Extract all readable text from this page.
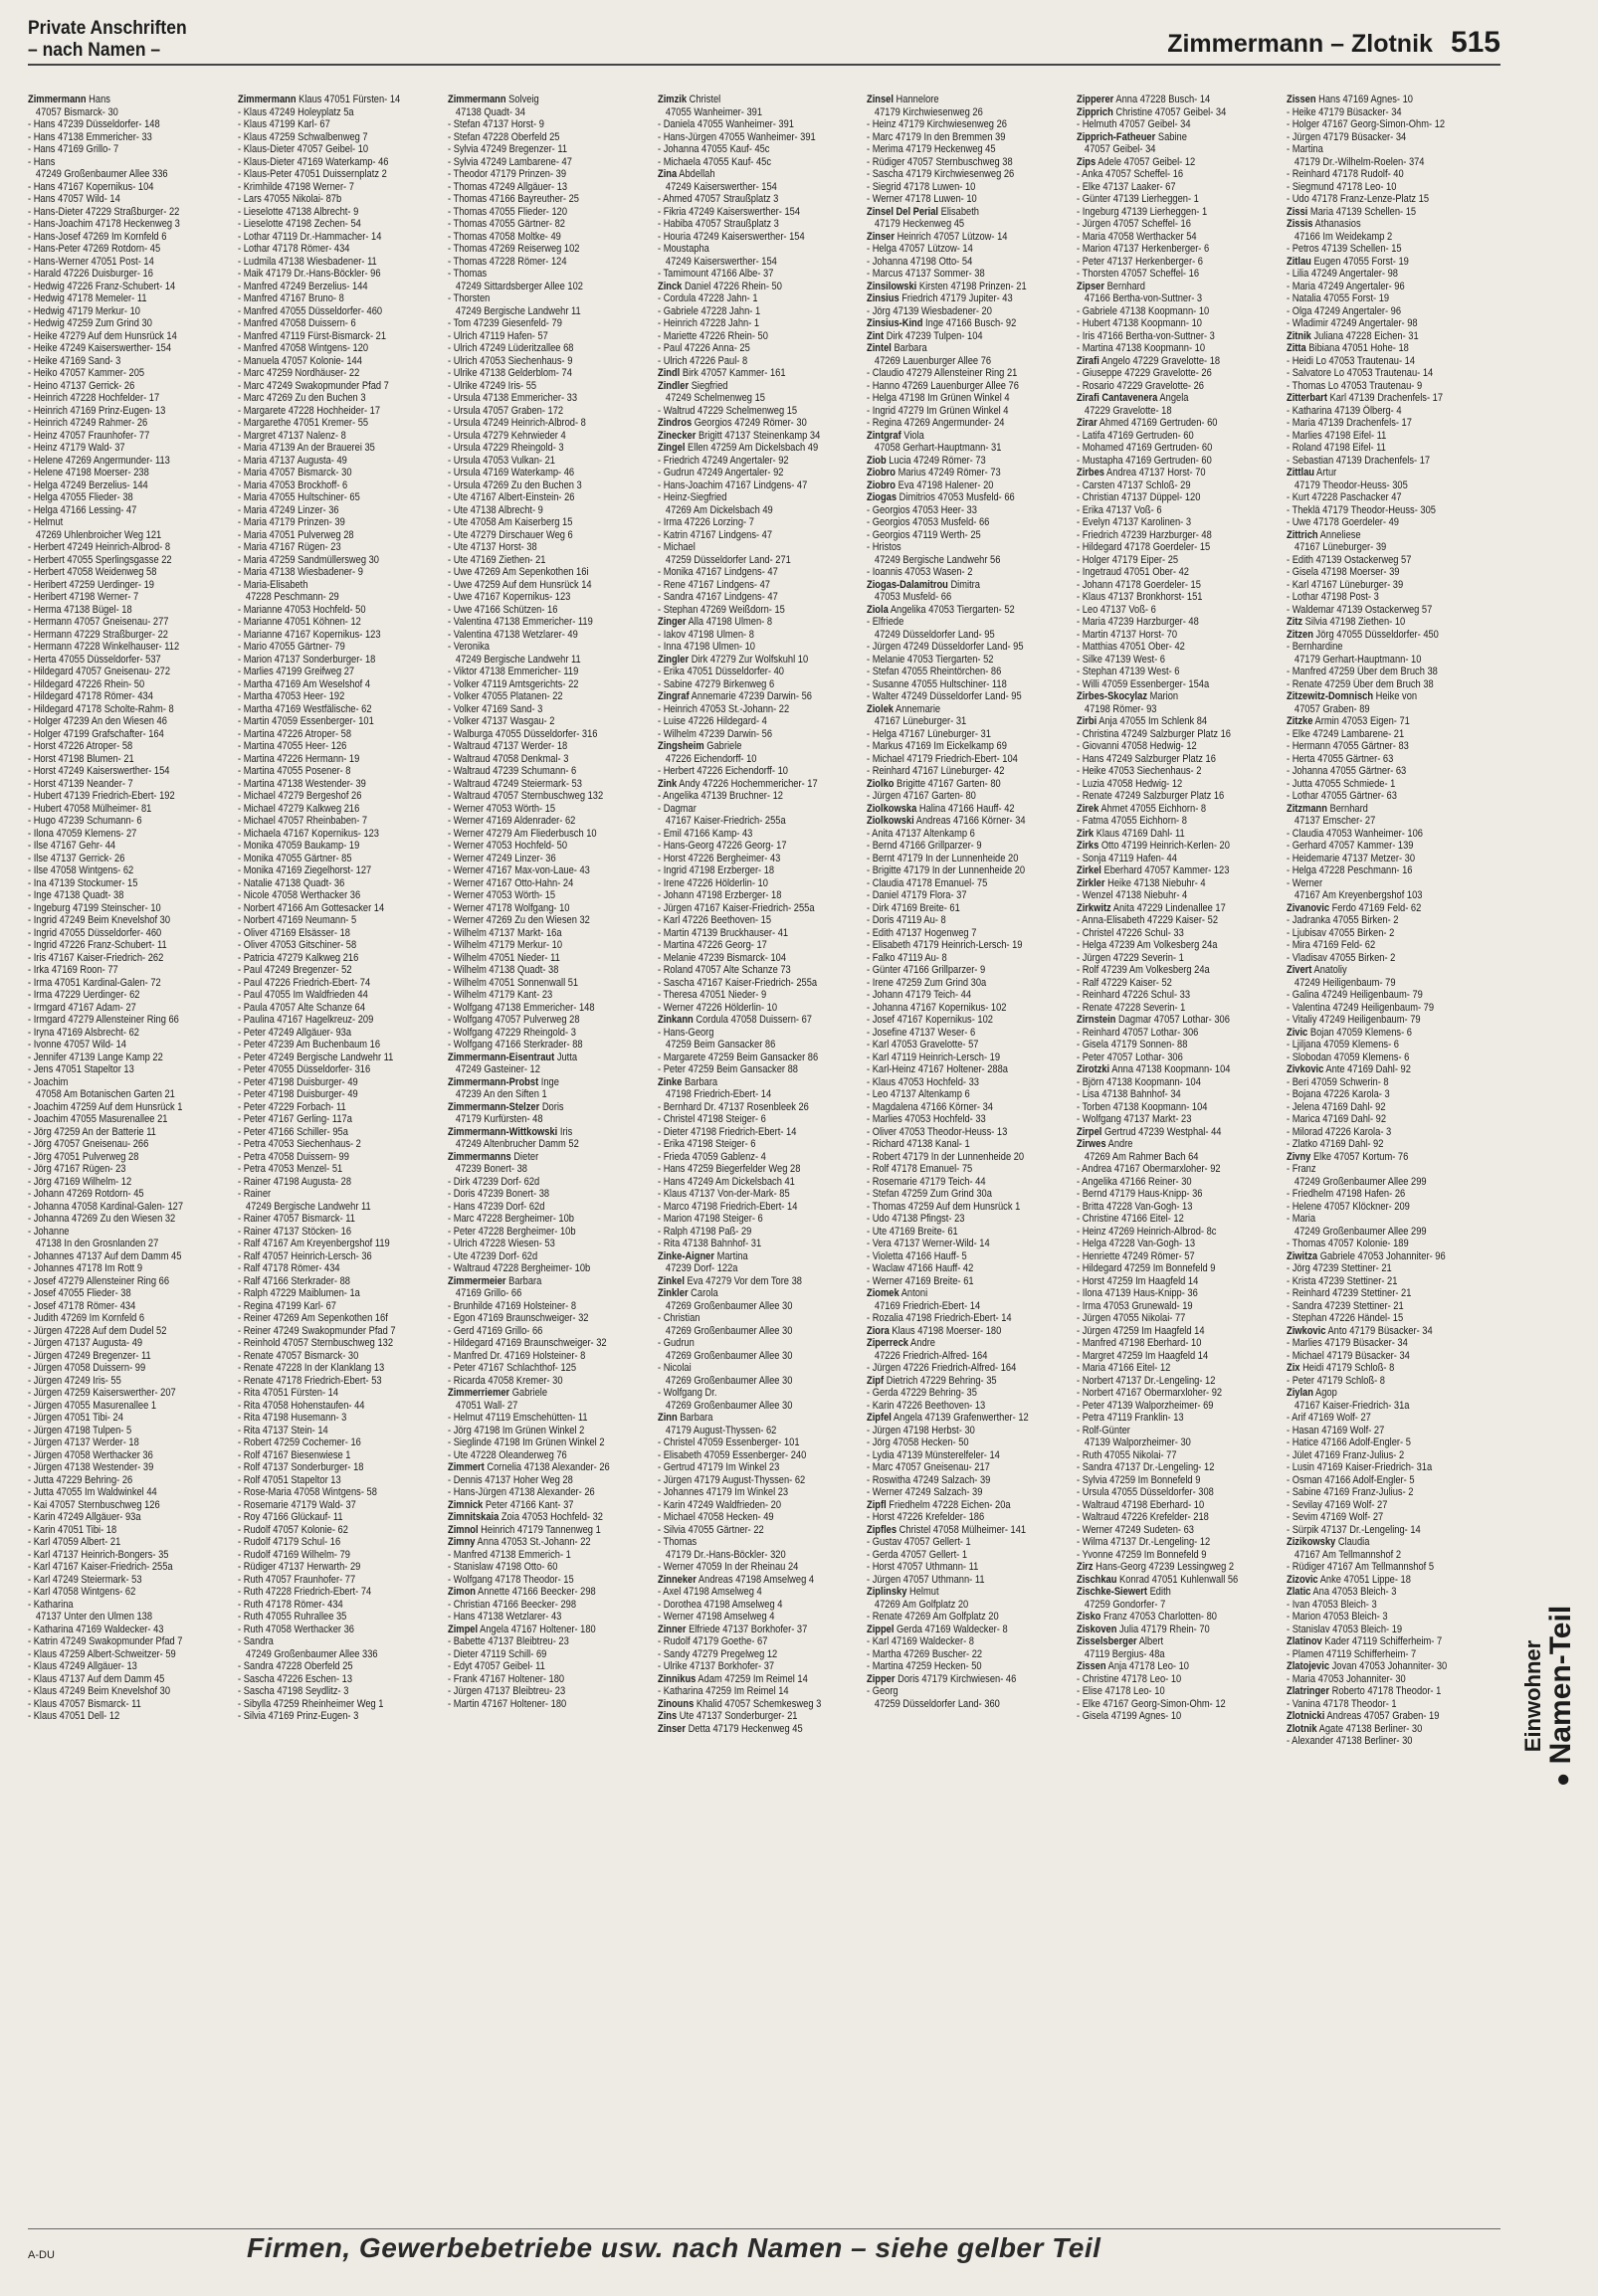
Private Anschriften
– nach Namen –	Zimmermann – Zlotnik 515
Zimmermann Hans
47057 Bismarck- 30
- Hans 47239 Düsseldorfer- 148
- Hans 47138 Emmericher- 33
- Hans 47169 Grillo- 7
- Hans
47249 Großenbaumer Allee 336
- Hans 47167 Kopernikus- 104
- Hans 47057 Wild- 14
- Hans-Dieter 47229 Straßburger- 22
- Hans-Joachim 47178 Heckenweg 3
- Hans-Josef 47269 Im Kornfeld 6
- Hans-Peter 47269 Rotdorn- 45
- Hans-Werner 47051 Post- 14
- Harald 47226 Duisburger- 16
- Hedwig 47226 Franz-Schubert- 14
- Hedwig 47178 Memeler- 11
- Hedwig 47179 Merkur- 10
- Hedwig 47259 Zum Grind 30
- Heike 47279 Auf dem Hunsrück 14
- Heike 47249 Kaiserswerther- 154
- Heike 47169 Sand- 3
- Heiko 47057 Kammer- 205
- Heino 47137 Gerrick- 26
- Heinrich 47228 Hochfelder- 17
- Heinrich 47169 Prinz-Eugen- 13
- Heinrich 47249 Rahmer- 26
- Heinz 47057 Fraunhofer- 77
- Heinz 47179 Wald- 37
- Helene 47269 Angermunder- 113
- Helene 47198 Moerser- 238
- Helga 47249 Berzelius- 144
- Helga 47055 Flieder- 38
- Helga 47166 Lessing- 47
- Helmut
47269 Uhlenbroicher Weg 121
- Herbert 47249 Heinrich-Albrod- 8
- Herbert 47055 Sperlingsgasse 22
- Herbert 47058 Weidenweg 58
- Heribert 47259 Uerdinger- 19
- Heribert 47198 Werner- 7
- Herma 47138 Bügel- 18
- Hermann 47057 Gneisenau- 277
- Hermann 47229 Straßburger- 22
- Hermann 47228 Winkelhauser- 112
- Herta 47055 Düsseldorfer- 537
- Hildegard 47057 Gneisenau- 272
- Hildegard 47226 Rhein- 50
- Hildegard 47178 Römer- 434
- Hildegard 47178 Scholte-Rahm- 8
- Holger 47239 An den Wiesen 46
- Holger 47199 Grafschafter- 164
- Horst 47226 Atroper- 58
- Horst 47198 Blumen- 21
- Horst 47249 Kaiserswerther- 154
- Horst 47139 Neander- 7
- Hubert 47139 Friedrich-Ebert- 192
- Hubert 47058 Mülheimer- 81
- Hugo 47239 Schumann- 6
- Ilona 47059 Klemens- 27
- Ilse 47167 Gehr- 44
- Ilse 47137 Gerrick- 26
- Ilse 47058 Wintgens- 62
- Ina 47139 Stockumer- 15
- Inge 47138 Quadt- 38
- Ingeburg 47199 Steinscher- 10
- Ingrid 47249 Beim Knevelshof 30
- Ingrid 47055 Düsseldorfer- 460
- Ingrid 47226 Franz-Schubert- 11
- Iris 47167 Kaiser-Friedrich- 262
- Irka 47169 Roon- 77
- Irma 47051 Kardinal-Galen- 72
- Irma 47229 Uerdinger- 62
- Irmgard 47167 Adam- 27
- Irmgard 47279 Allensteiner Ring 66
- Iryna 47169 Alsbrecht- 62
- Ivonne 47057 Wild- 14
- Jennifer 47139 Lange Kamp 22
- Jens 47051 Stapeltor 13
- Joachim
47058 Am Botanischen Garten 21
- Joachim 47259 Auf dem Hunsrück 1
- Joachim 47055 Masurenallee 21
- Jörg 47259 An der Batterie 11
- Jörg 47057 Gneisenau- 266
- Jörg 47051 Pulverweg 28
- Jörg 47167 Rügen- 23
- Jörg 47169 Wilhelm- 12
- Johann 47269 Rotdorn- 45
- Johanna 47058 Kardinal-Galen- 127
- Johanna 47269 Zu den Wiesen 32
- Johanne
47138 In den Grosnlanden 27
- Johannes 47137 Auf dem Damm 45
- Johannes 47178 Im Rott 9
- Josef 47279 Allensteiner Ring 66
- Josef 47055 Flieder- 38
- Josef 47178 Römer- 434
- Judith 47269 Im Kornfeld 6
- Jürgen 47228 Auf dem Dudel 52
- Jürgen 47137 Augusta- 49
- Jürgen 47249 Bregenzer- 11
- Jürgen 47058 Duissern- 99
- Jürgen 47249 Iris- 55
- Jürgen 47259 Kaiserswerther- 207
- Jürgen 47055 Masurenallee 1
- Jürgen 47051 Tibi- 24
- Jürgen 47198 Tulpen- 5
- Jürgen 47137 Werder- 18
- Jürgen 47058 Werthacker 36
- Jürgen 47138 Westender- 39
- Jutta 47229 Behring- 26
- Jutta 47055 Im Waldwinkel 44
- Kai 47057 Sternbuschweg 126
- Karin 47249 Allgäuer- 93a
- Karin 47051 Tibi- 18
- Karl 47059 Albert- 21
- Karl 47137 Heinrich-Bongers- 35
- Karl 47167 Kaiser-Friedrich- 255a
- Karl 47249 Steiermark- 53
- Karl 47058 Wintgens- 62
- Katharina
47137 Unter den Ulmen 138
- Katharina 47169 Waldecker- 43
- Katrin 47249 Swakopmunder Pfad 7
- Klaus 47259 Albert-Schweitzer- 59
- Klaus 47249 Allgäuer- 13
- Klaus 47137 Auf dem Damm 45
- Klaus 47249 Beim Knevelshof 30
- Klaus 47057 Bismarck- 11
- Klaus 47051 Dell- 12
Zimmermann Klaus 47051 Fürsten- 14
- Klaus 47249 Holeyplatz 5a
- Klaus 47199 Karl- 67
- Klaus 47259 Schwalbenweg 7
- Klaus-Dieter 47057 Geibel- 10
- Klaus-Dieter 47169 Waterkamp- 46
- Klaus-Peter 47051 Duissernplatz 2
- Krimhilde 47198 Werner- 7
- Lars 47055 Nikolai- 87b
- Lieselotte 47138 Albrecht- 9
- Lieselotte 47198 Zechen- 54
- Lothar 47119 Dr.-Hammacher- 14
- Lothar 47178 Römer- 434
- Ludmila 47138 Wiesbadener- 11
- Maik 47179 Dr.-Hans-Böckler- 96
- Manfred 47249 Berzelius- 144
- Manfred 47167 Bruno- 8
- Manfred 47055 Düsseldorfer- 460
- Manfred 47058 Duissern- 6
- Manfred 47119 Fürst-Bismarck- 21
- Manfred 47058 Wintgens- 120
- Manuela 47057 Kolonie- 144
- Marc 47259 Nordhäuser- 22
- Marc 47249 Swakopmunder Pfad 7
- Marc 47269 Zu den Buchen 3
- Margarete 47228 Hochheider- 17
- Margarethe 47051 Kremer- 55
- Margret 47137 Nalenz- 8
- Maria 47139 An der Brauerei 35
- Maria 47137 Augusta- 49
- Maria 47057 Bismarck- 30
- Maria 47053 Brockhoff- 6
- Maria 47055 Hultschiner- 65
- Maria 47249 Linzer- 36
- Maria 47179 Prinzen- 39
- Maria 47051 Pulverweg 28
- Maria 47167 Rügen- 23
- Maria 47259 Sandmüllersweg 30
- Maria 47138 Wiesbadener- 9
- Maria-Elisabeth
47228 Peschmann- 29
- Marianne 47053 Hochfeld- 50
- Marianne 47051 Köhnen- 12
- Marianne 47167 Kopernikus- 123
- Mario 47055 Gärtner- 79
- Marion 47137 Sonderburger- 18
- Marlies 47199 Greifweg 27
- Martha 47169 Am Weselshof 4
- Martha 47053 Heer- 192
- Martha 47169 Westfälische- 62
- Martin 47059 Essenberger- 101
- Martina 47226 Atroper- 58
- Martina 47055 Heer- 126
- Martina 47226 Hermann- 19
- Martina 47055 Posener- 8
- Martina 47138 Westender- 39
- Michael 47279 Bergeshof 26
- Michael 47279 Kalkweg 216
- Michael 47057 Rheinbaben- 7
- Michaela 47167 Kopernikus- 123
- Monika 47059 Baukamp- 19
- Monika 47055 Gärtner- 85
- Monika 47169 Ziegelhorst- 127
- Natalie 47138 Quadt- 36
- Nicole 47058 Werthacker 36
- Norbert 47166 Am Gottesacker 14
- Norbert 47169 Neumann- 5
- Oliver 47169 Elsässer- 18
- Oliver 47053 Gitschiner- 58
- Patricia 47279 Kalkweg 216
- Paul 47249 Bregenzer- 52
- Paul 47226 Friedrich-Ebert- 74
- Paul 47055 Im Waldfrieden 44
- Paula 47057 Alte Schanze 64
- Paulina 47167 Hagelkreuz- 209
- Peter 47249 Allgäuer- 93a
- Peter 47239 Am Buchenbaum 16
- Peter 47249 Bergische Landwehr 11
- Peter 47055 Düsseldorfer- 316
- Peter 47198 Duisburger- 49
- Peter 47198 Duisburger- 49
- Peter 47229 Forbach- 11
- Peter 47167 Gerling- 117a
- Peter 47166 Schiller- 95a
- Petra 47053 Siechenhaus- 2
- Petra 47058 Duissern- 99
- Petra 47053 Menzel- 51
- Rainer 47198 Augusta- 28
- Rainer
47249 Bergische Landwehr 11
- Rainer 47057 Bismarck- 11
- Rainer 47137 Stöcken- 16
- Ralf 47167 Am Kreyenbergshof 119
- Ralf 47057 Heinrich-Lersch- 36
- Ralf 47178 Römer- 434
- Ralf 47166 Sterkrader- 88
- Ralph 47229 Maiblumen- 1a
- Regina 47199 Karl- 67
- Reiner 47269 Am Sepenkothen 16f
- Reiner 47249 Swakopmunder Pfad 7
- Reinhold 47057 Sternbuschweg 132
- Renate 47057 Bismarck- 30
- Renate 47228 In der Klanklang 13
- Renate 47178 Friedrich-Ebert- 53
- Rita 47051 Fürsten- 14
- Rita 47058 Hohenstaufen- 44
- Rita 47198 Husemann- 3
- Rita 47137 Stein- 14
- Robert 47259 Cochemer- 16
- Rolf 47167 Biesenwiese 1
- Rolf 47137 Sonderburger- 18
- Rolf 47051 Stapeltor 13
- Rose-Maria 47058 Wintgens- 58
- Rosemarie 47179 Wald- 37
- Roy 47166 Glückauf- 11
- Rudolf 47057 Kolonie- 62
- Rudolf 47179 Schul- 16
- Rudolf 47169 Wilhelm- 79
- Rüdiger 47137 Herwarth- 29
- Ruth 47057 Fraunhofer- 77
- Ruth 47228 Friedrich-Ebert- 74
- Ruth 47178 Römer- 434
- Ruth 47055 Ruhrallee 35
- Ruth 47058 Werthacker 36
- Sandra
47249 Großenbaumer Allee 336
- Sandra 47228 Oberfeld 25
- Sascha 47226 Eschen- 13
- Sascha 47198 Seydlitz- 3
- Sibylla 47259 Rheinheimer Weg 1
- Silvia 47169 Prinz-Eugen- 3
Zimmermann Solveig
47138 Quadt- 34
- Stefan 47137 Horst- 9
- Stefan 47228 Oberfeld 25
- Sylvia 47249 Bregenzer- 11
- Sylvia 47249 Lambarene- 47
- Theodor 47179 Prinzen- 39
- Thomas 47249 Allgäuer- 13
- Thomas 47166 Bayreuther- 25
- Thomas 47055 Flieder- 120
- Thomas 47055 Gärtner- 82
- Thomas 47058 Moltke- 49
- Thomas 47269 Reiserweg 102
- Thomas 47228 Römer- 124
- Thomas
47249 Sittardsberger Allee 102
- Thorsten
47249 Bergische Landwehr 11
- Tom 47239 Giesenfeld- 79
- Ulrich 47119 Hafen- 57
- Ulrich 47249 Lüderitzallee 68
- Ulrich 47053 Siechenhaus- 9
- Ulrike 47138 Gelderblom- 74
- Ulrike 47249 Iris- 55
- Ursula 47138 Emmericher- 33
- Ursula 47057 Graben- 172
- Ursula 47249 Heinrich-Albrod- 8
- Ursula 47279 Kehrwieder 4
- Ursula 47229 Rheingold- 3
- Ursula 47053 Vulkan- 21
- Ursula 47169 Waterkamp- 46
- Ursula 47269 Zu den Buchen 3
- Ute 47167 Albert-Einstein- 26
- Ute 47138 Albrecht- 9
- Ute 47058 Am Kaiserberg 15
- Ute 47279 Dirschauer Weg 6
- Ute 47137 Horst- 38
- Ute 47169 Ziethen- 21
- Uwe 47269 Am Sepenkothen 16i
- Uwe 47259 Auf dem Hunsrück 14
- Uwe 47167 Kopernikus- 123
- Uwe 47166 Schützen- 16
- Valentina 47138 Emmericher- 119
- Valentina 47138 Wetzlarer- 49
- Veronika
47249 Bergische Landwehr 11
- Viktor 47138 Emmericher- 119
- Volker 47119 Amtsgerichts- 22
- Volker 47055 Platanen- 22
- Volker 47169 Sand- 3
- Volker 47137 Wasgau- 2
- Walburga 47055 Düsseldorfer- 316
- Waltraud 47137 Werder- 18
- Waltraud 47058 Denkmal- 3
- Waltraud 47239 Schumann- 6
- Waltraud 47249 Steiermark- 53
- Waltraud 47057 Sternbuschweg 132
- Werner 47053 Wörth- 15
- Werner 47169 Aldenrader- 62
- Werner 47279 Am Fliederbusch 10
- Werner 47053 Hochfeld- 50
- Werner 47249 Linzer- 36
- Werner 47167 Max-von-Laue- 43
- Werner 47167 Otto-Hahn- 24
- Werner 47053 Wörth- 15
- Werner 47178 Wolfgang- 10
- Werner 47269 Zu den Wiesen 32
- Wilhelm 47137 Markt- 16a
- Wilhelm 47179 Merkur- 10
- Wilhelm 47051 Nieder- 11
- Wilhelm 47138 Quadt- 38
- Wilhelm 47051 Sonnenwall 51
- Wilhelm 47179 Kant- 23
- Wolfgang 47138 Emmericher- 148
- Wolfgang 47057 Pulverweg 28
- Wolfgang 47229 Rheingold- 3
- Wolfgang 47166 Sterkrader- 88
Zimmermann-Eisentraut Jutta
47249 Gasteiner- 12
Zimmermann-Probst Inge
47239 An den Siften 1
Zimmermann-Stelzer Doris
47179 Kurfürsten- 48
Zimmermann-Wittkowski Iris
47249 Altenbrucher Damm 52
Zimmermanns Dieter
47239 Bonert- 38
- Dirk 47239 Dorf- 62d
- Doris 47239 Bonert- 38
- Hans 47239 Dorf- 62d
- Marc 47228 Bergheimer- 10b
- Peter 47228 Bergheimer- 10b
- Ulrich 47228 Wiesen- 53
- Ute 47239 Dorf- 62d
- Waltraud 47228 Bergheimer- 10b
Zimmermeier Barbara
47169 Grillo- 66
- Brunhilde 47169 Holsteiner- 8
- Egon 47169 Braunschweiger- 32
- Gerd 47169 Grillo- 66
- Hildegard 47169 Braunschweiger- 32
- Manfred Dr. 47169 Holsteiner- 8
- Peter 47167 Schlachthof- 125
- Ricarda 47058 Kremer- 30
Zimmerriemer Gabriele
47051 Wall- 27
- Helmut 47119 Emschehütten- 11
- Jörg 47198 Im Grünen Winkel 2
- Sieglinde 47198 Im Grünen Winkel 2
- Ute 47228 Oleanderweg 76
Zimmert Cornelia 47138 Alexander- 26
- Dennis 47137 Hoher Weg 28
- Hans-Jürgen 47138 Alexander- 26
Zimnick Peter 47166 Kant- 37
Zimnitskaia Zoia 47053 Hochfeld- 32
Zimnol Heinrich 47179 Tannenweg 1
Zimny Anna 47053 St.-Johann- 22
- Manfred 47138 Emmerich- 1
- Stanislaw 47198 Otto- 60
- Wolfgang 47178 Theodor- 15
Zimon Annette 47166 Beecker- 298
- Christian 47166 Beecker- 298
- Hans 47138 Wetzlarer- 43
Zimpel Angela 47167 Holtener- 180
- Babette 47137 Bleibtreu- 23
- Dieter 47119 Schill- 69
- Edyt 47057 Geibel- 11
- Frank 47167 Holtener- 180
- Jürgen 47137 Bleibtreu- 23
- Martin 47167 Holtener- 180
Zimzik Christel
47055 Wanheimer- 391
- Daniela 47055 Wanheimer- 391
- Hans-Jürgen 47055 Wanheimer- 391
- Johanna 47055 Kauf- 45c
- Michaela 47055 Kauf- 45c
Zina Abdellah
47249 Kaiserswerther- 154
- Ahmed 47057 Straußplatz 3
- Fikria 47249 Kaiserswerther- 154
- Habiba 47057 Straußplatz 3
- Houria 47249 Kaiserswerther- 154
- Moustapha
47249 Kaiserswerther- 154
- Tamimount 47166 Albe- 37
Zinck Daniel 47226 Rhein- 50
- Cordula 47228 Jahn- 1
- Gabriele 47228 Jahn- 1
- Heinrich 47228 Jahn- 1
- Mariette 47226 Rhein- 50
- Paul 47226 Anna- 25
- Ulrich 47226 Paul- 8
Zindl Birk 47057 Kammer- 161
Zindler Siegfried
47249 Schelmenweg 15
- Waltrud 47229 Schelmenweg 15
Zindros Georgios 47249 Römer- 30
Zinecker Brigitt 47137 Steinenkamp 34
Zingel Ellen 47259 Am Dickelsbach 49
- Friedrich 47249 Angertaler- 92
- Gudrun 47249 Angertaler- 92
- Hans-Joachim 47167 Lindgens- 47
- Heinz-Siegfried
47269 Am Dickelsbach 49
- Irma 47226 Lorzing- 7
- Katrin 47167 Lindgens- 47
- Michael
47259 Düsseldorfer Land- 271
- Monika 47167 Lindgens- 47
- Rene 47167 Lindgens- 47
- Sandra 47167 Lindgens- 47
- Stephan 47269 Weißdorn- 15
Zinger Alla 47198 Ulmen- 8
- Iakov 47198 Ulmen- 8
- Inna 47198 Ulmen- 10
Zingler Dirk 47279 Zur Wolfskuhl 10
- Erika 47051 Düsseldorfer- 40
- Sabine 47279 Birkenweg 6
Zingraf Annemarie 47239 Darwin- 56
- Heinrich 47053 St.-Johann- 22
- Luise 47226 Hildegard- 4
- Wilhelm 47239 Darwin- 56
Zingsheim Gabriele
47226 Eichendorff- 10
- Herbert 47226 Eichendorff- 10
Zink Andy 47226 Hochemmericher- 17
- Angelika 47139 Bruchner- 12
- Dagmar
47167 Kaiser-Friedrich- 255a
- Emil 47166 Kamp- 43
- Hans-Georg 47226 Georg- 17
- Horst 47226 Bergheimer- 43
- Ingrid 47198 Erzberger- 18
- Irene 47226 Hölderlin- 10
- Johann 47198 Erzberger- 18
- Jürgen 47167 Kaiser-Friedrich- 255a
- Karl 47226 Beethoven- 15
- Martin 47139 Bruckhauser- 41
- Martina 47226 Georg- 17
- Melanie 47239 Bismarck- 104
- Roland 47057 Alte Schanze 73
- Sascha 47167 Kaiser-Friedrich- 255a
- Theresa 47051 Nieder- 9
- Werner 47226 Hölderlin- 10
Zinkann Cordula 47058 Duissern- 67
- Hans-Georg
47259 Beim Gansacker 86
- Margarete 47259 Beim Gansacker 86
- Peter 47259 Beim Gansacker 88
Zinke Barbara
47198 Friedrich-Ebert- 14
- Bernhard Dr. 47137 Rosenbleek 26
- Christel 47198 Steiger- 6
- Dieter 47198 Friedrich-Ebert- 14
- Erika 47198 Steiger- 6
- Frieda 47059 Gablenz- 4
- Hans 47259 Biegerfelder Weg 28
- Hans 47249 Am Dickelsbach 41
- Klaus 47137 Von-der-Mark- 85
- Marco 47198 Friedrich-Ebert- 14
- Marion 47198 Steiger- 6
- Ralph 47198 Paß- 29
- Rita 47138 Bahnhof- 31
Zinke-Aigner Martina
47239 Dorf- 122a
Zinkel Eva 47279 Vor dem Tore 38
Zinkler Carola
47269 Großenbaumer Allee 30
- Christian
47269 Großenbaumer Allee 30
- Gudrun
47269 Großenbaumer Allee 30
- Nicolai
47269 Großenbaumer Allee 30
- Wolfgang Dr.
47269 Großenbaumer Allee 30
Zinn Barbara
47179 August-Thyssen- 62
- Christel 47059 Essenberger- 101
- Elisabeth 47059 Essenberger- 240
- Gertrud 47179 Im Winkel 23
- Jürgen 47179 August-Thyssen- 62
- Johannes 47179 Im Winkel 23
- Karin 47249 Waldfrieden- 20
- Michael 47058 Hecken- 49
- Silvia 47055 Gärtner- 22
- Thomas
47179 Dr.-Hans-Böckler- 320
- Werner 47059 In der Rheinau 24
Zinneker Andreas 47198 Amselweg 4
- Axel 47198 Amselweg 4
- Dorothea 47198 Amselweg 4
- Werner 47198 Amselweg 4
Zinner Elfriede 47137 Borkhofer- 37
- Rudolf 47179 Goethe- 67
- Sandy 47279 Pregelweg 12
- Ulrike 47137 Borkhofer- 37
Zinnikus Adam 47259 Im Reimel 14
- Katharina 47259 Im Reimel 14
Zinouns Khalid 47057 Schemkesweg 3
Zins Ute 47137 Sonderburger- 21
Zinser Detta 47179 Heckenweg 45
Zinsel Hannelore
47179 Kirchwiesenweg 26
- Heinz 47179 Kirchwiesenweg 26
- Marc 47179 In den Bremmen 39
- Merima 47179 Heckenweg 45
- Rüdiger 47057 Sternbuschweg 38
- Sascha 47179 Kirchwiesenweg 26
- Siegrid 47178 Luwen- 10
- Werner 47178 Luwen- 10
Zinsel Del Perial Elisabeth
47179 Heckenweg 45
Zinser Heinrich 47057 Lützow- 14
- Helga 47057 Lützow- 14
- Johanna 47198 Otto- 54
- Marcus 47137 Sommer- 38
Zinsilowski Kirsten 47198 Prinzen- 21
Zinsius Friedrich 47179 Jupiter- 43
- Jörg 47139 Wiesbadener- 20
Zinsius-Kind Inge 47166 Busch- 92
Zint Dirk 47239 Tulpen- 104
Zintel Barbara
47269 Lauenburger Allee 76
- Claudio 47279 Allensteiner Ring 21
- Hanno 47269 Lauenburger Allee 76
- Helga 47198 Im Grünen Winkel 4
- Ingrid 47279 Im Grünen Winkel 4
- Regina 47269 Angermunder- 24
Zintgraf Viola
47058 Gerhart-Hauptmann- 31
Ziob Lucia 47249 Römer- 73
Ziobro Marius 47249 Römer- 73
Ziobro Eva 47198 Halener- 20
Ziogas Dimitrios 47053 Musfeld- 66
- Georgios 47053 Heer- 33
- Georgios 47053 Musfeld- 66
- Georgios 47119 Werth- 25
- Hristos
47249 Bergische Landwehr 56
- Ioannis 47053 Wasen- 2
Ziogas-Dalamitrou Dimitra
47053 Musfeld- 66
Ziola Angelika 47053 Tiergarten- 52
- Elfriede
47249 Düsseldorfer Land- 95
- Jürgen 47249 Düsseldorfer Land- 95
- Melanie 47053 Tiergarten- 52
- Stefan 47055 Rheintörchen- 86
- Susanne 47055 Hultschiner- 118
- Walter 47249 Düsseldorfer Land- 95
Ziolek Annemarie
47167 Lüneburger- 31
- Helga 47167 Lüneburger- 31
- Markus 47169 Im Eickelkamp 69
- Michael 47179 Friedrich-Ebert- 104
- Reinhard 47167 Lüneburger- 42
Ziolko Brigitte 47167 Garten- 80
- Jürgen 47167 Garten- 80
Ziolkowska Halina 47166 Hauff- 42
Ziolkowski Andreas 47166 Körner- 34
- Anita 47137 Altenkamp 6
- Bernd 47166 Grillparzer- 9
- Bernt 47179 In der Lunnenheide 20
- Brigitte 47179 In der Lunnenheide 20
- Claudia 47178 Emanuel- 75
- Daniel 47179 Flora- 37
- Dirk 47169 Breite- 61
- Doris 47119 Au- 8
- Edith 47137 Hogenweg 7
- Elisabeth 47179 Heinrich-Lersch- 19
- Falko 47119 Au- 8
- Günter 47166 Grillparzer- 9
- Irene 47259 Zum Grind 30a
- Johann 47179 Teich- 44
- Johanna 47167 Kopernikus- 102
- Josef 47167 Kopernikus- 102
- Josefine 47137 Weser- 6
- Karl 47053 Gravelotte- 57
- Karl 47119 Heinrich-Lersch- 19
- Karl-Heinz 47167 Holtener- 288a
- Klaus 47053 Hochfeld- 33
- Leo 47137 Altenkamp 6
- Magdalena 47166 Körner- 34
- Marlies 47053 Hochfeld- 33
- Oliver 47053 Theodor-Heuss- 13
- Richard 47138 Kanal- 1
- Robert 47179 In der Lunnenheide 20
- Rolf 47178 Emanuel- 75
- Rosemarie 47179 Teich- 44
- Stefan 47259 Zum Grind 30a
- Thomas 47259 Auf dem Hunsrück 1
- Udo 47138 Pfingst- 23
- Ute 47169 Breite- 61
- Vera 47137 Werner-Wild- 14
- Violetta 47166 Hauff- 5
- Waclaw 47166 Hauff- 42
- Werner 47169 Breite- 61
Ziomek Antoni
47169 Friedrich-Ebert- 14
- Rozalia 47198 Friedrich-Ebert- 14
Ziora Klaus 47198 Moerser- 180
Ziperreck Andre
47226 Friedrich-Alfred- 164
- Jürgen 47226 Friedrich-Alfred- 164
Zipf Dietrich 47229 Behring- 35
- Gerda 47229 Behring- 35
- Karin 47226 Beethoven- 13
Zipfel Angela 47139 Grafenwerther- 12
- Jürgen 47198 Herbst- 30
- Jörg 47058 Hecken- 50
- Lydia 47139 Münsterelfeler- 14
- Marc 47057 Gneisenau- 217
- Roswitha 47249 Salzach- 39
- Werner 47249 Salzach- 39
Zipfl Friedhelm 47228 Eichen- 20a
- Horst 47226 Krefelder- 186
Zipfles Christel 47058 Mülheimer- 141
- Gustav 47057 Gellert- 1
- Gerda 47057 Gellert- 1
- Horst 47057 Uthmann- 11
- Jürgen 47057 Uthmann- 11
Ziplinsky Helmut
47269 Am Golfplatz 20
- Renate 47269 Am Golfplatz 20
Zippel Gerda 47169 Waldecker- 8
- Karl 47169 Waldecker- 8
- Martha 47269 Buscher- 22
- Martina 47259 Hecken- 50
Zipper Doris 47179 Kirchwiesen- 46
- Georg
47259 Düsseldorfer Land- 360
Zipperer Anna 47228 Busch- 14
Zipprich Christine 47057 Geibel- 34
- Helmuth 47057 Geibel- 34
Zipprich-Fatheuer Sabine
47057 Geibel- 34
Zips Adele 47057 Geibel- 12
- Anka 47057 Scheffel- 16
- Elke 47137 Laaker- 67
- Günter 47139 Lierheggen- 1
- Ingeburg 47139 Lierheggen- 1
- Jürgen 47057 Scheffel- 16
- Maria 47058 Werthacker 54
- Marion 47137 Herkenberger- 6
- Peter 47137 Herkenberger- 6
- Thorsten 47057 Scheffel- 16
Zipser Bernhard
47166 Bertha-von-Suttner- 3
- Gabriele 47138 Koopmann- 10
- Hubert 47138 Koopmann- 10
- Iris 47166 Bertha-von-Suttner- 3
- Martina 47138 Koopmann- 10
Zirafi Angelo 47229 Gravelotte- 18
- Giuseppe 47229 Gravelotte- 26
- Rosario 47229 Gravelotte- 26
Zirafi Cantavenera Angela
47229 Gravelotte- 18
Zirar Ahmed 47169 Gertruden- 60
- Latifa 47169 Gertruden- 60
- Mohamed 47169 Gertruden- 60
- Mustapha 47169 Gertruden- 60
Zirbes Andrea 47137 Horst- 70
- Carsten 47137 Schloß- 29
- Christian 47137 Düppel- 120
- Erika 47137 Voß- 6
- Evelyn 47137 Karolinen- 3
- Friedrich 47239 Harzburger- 48
- Hildegard 47178 Goerdeler- 15
- Holger 47179 Eiper- 25
- Ingetraud 47051 Ober- 42
- Johann 47178 Goerdeler- 15
- Klaus 47137 Bronkhorst- 151
- Leo 47137 Voß- 6
- Maria 47239 Harzburger- 48
- Martin 47137 Horst- 70
- Matthias 47051 Ober- 42
- Silke 47139 West- 6
- Stephan 47139 West- 6
- Willi 47059 Essenberger- 154a
Zirbes-Skocylaz Marion
47198 Römer- 93
Zirbi Anja 47055 Im Schlenk 84
- Christina 47249 Salzburger Platz 16
- Giovanni 47058 Hedwig- 12
- Hans 47249 Salzburger Platz 16
- Heike 47053 Siechenhaus- 2
- Luzia 47058 Hedwig- 12
- Renate 47249 Salzburger Platz 16
Zirek Ahmet 47055 Eichhorn- 8
- Fatma 47055 Eichhorn- 8
Zirk Klaus 47169 Dahl- 11
Zirks Otto 47199 Heinrich-Kerlen- 20
- Sonja 47119 Hafen- 44
Zirkel Eberhard 47057 Kammer- 123
Zirkler Heike 47138 Niebuhr- 4
- Wenzel 47138 Niebuhr- 4
Zirkwitz Anita 47229 Lindenallee 17
- Anna-Elisabeth 47229 Kaiser- 52
- Christel 47226 Schul- 33
- Helga 47239 Am Volkesberg 24a
- Jürgen 47229 Severin- 1
- Rolf 47239 Am Volkesberg 24a
- Ralf 47229 Kaiser- 52
- Reinhard 47226 Schul- 33
- Renate 47228 Severin- 1
Zirnstein Dagmar 47057 Lothar- 306
- Reinhard 47057 Lothar- 306
- Gisela 47179 Sonnen- 88
- Peter 47057 Lothar- 306
Zirotzki Anna 47138 Koopmann- 104
- Björn 47138 Koopmann- 104
- Lisa 47138 Bahnhof- 34
- Torben 47138 Koopmann- 104
- Wolfgang 47137 Markt- 23
Zirpel Gertrud 47239 Westphal- 44
Zirwes Andre
47269 Am Rahmer Bach 64
- Andrea 47167 Obermarxloher- 92
- Angelika 47166 Reiner- 30
- Bernd 47179 Haus-Knipp- 36
- Britta 47228 Van-Gogh- 13
- Christine 47166 Eitel- 12
- Heinz 47269 Heinrich-Albrod- 8c
- Helga 47228 Van-Gogh- 13
- Henriette 47249 Römer- 57
- Hildegard 47259 Im Bonnefeld 9
- Horst 47259 Im Haagfeld 14
- Ilona 47139 Haus-Knipp- 36
- Irma 47053 Grunewald- 19
- Jürgen 47055 Nikolai- 77
- Jürgen 47259 Im Haagfeld 14
- Manfred 47198 Eberhard- 10
- Margret 47259 Im Haagfeld 14
- Maria 47166 Eitel- 12
- Norbert 47137 Dr.-Lengeling- 12
- Norbert 47167 Obermarxloher- 92
- Peter 47139 Walporzheimer- 69
- Petra 47119 Franklin- 13
- Rolf-Günter
47139 Walporzheimer- 30
- Ruth 47055 Nikolai- 77
- Sandra 47137 Dr.-Lengeling- 12
- Sylvia 47259 Im Bonnefeld 9
- Ursula 47055 Düsseldorfer- 308
- Waltraud 47198 Eberhard- 10
- Waltraud 47226 Krefelder- 218
- Werner 47249 Sudeten- 63
- Wilma 47137 Dr.-Lengeling- 12
- Yvonne 47259 Im Bonnefeld 9
Zirz Hans-Georg 47239 Lessingweg 2
Zischkau Konrad 47051 Kuhlenwall 56
Zischke-Siewert Edith
47259 Gondorfer- 7
Zisko Franz 47053 Charlotten- 80
Ziskoven Julia 47179 Rhein- 70
Zisselsberger Albert
47119 Bergius- 48a
Zissen Anja 47178 Leo- 10
- Christine 47178 Leo- 10
- Elise 47178 Leo- 10
- Elke 47167 Georg-Simon-Ohm- 12
- Gisela 47199 Agnes- 10
Zissen Hans 47169 Agnes- 10
- Heike 47179 Büsacker- 34
- Holger 47167 Georg-Simon-Ohm- 12
- Jürgen 47179 Büsacker- 34
- Martina
47179 Dr.-Wilhelm-Roelen- 374
- Reinhard 47178 Rudolf- 40
- Siegmund 47178 Leo- 10
- Udo 47178 Franz-Lenze-Platz 15
Zissi Maria 47139 Schellen- 15
Zissis Athanasios
47166 Im Weidekamp 2
- Petros 47139 Schellen- 15
Zitlau Eugen 47055 Forst- 19
- Lilia 47249 Angertaler- 98
- Maria 47249 Angertaler- 96
- Natalia 47055 Forst- 19
- Olga 47249 Angertaler- 96
- Wladimir 47249 Angertaler- 98
Zitnik Juliana 47228 Eichen- 31
Zitta Bibiana 47051 Hohe- 18
- Heidi Lo 47053 Trautenau- 14
- Salvatore Lo 47053 Trautenau- 14
- Thomas Lo 47053 Trautenau- 9
Zitterbart Karl 47139 Drachenfels- 17
- Katharina 47139 Ölberg- 4
- Maria 47139 Drachenfels- 17
- Marlies 47198 Eifel- 11
- Roland 47198 Eifel- 11
- Sebastian 47139 Drachenfels- 17
Zittlau Artur
47179 Theodor-Heuss- 305
- Kurt 47228 Paschacker 47
- Theklä 47179 Theodor-Heuss- 305
- Uwe 47178 Goerdeler- 49
Zittrich Anneliese
47167 Lüneburger- 39
- Edith 47139 Ostackerweg 57
- Gisela 47198 Moerser- 39
- Karl 47167 Lüneburger- 39
- Lothar 47198 Post- 3
- Waldemar 47139 Ostackerweg 57
Zitz Silvia 47198 Ziethen- 10
Zitzen Jörg 47055 Düsseldorfer- 450
- Bernhardine
47179 Gerhart-Hauptmann- 10
- Manfred 47259 Über dem Bruch 38
- Renate 47259 Über dem Bruch 38
Zitzewitz-Domnisch Heike von
47057 Graben- 89
Zitzke Armin 47053 Eigen- 71
- Elke 47249 Lambarene- 21
- Hermann 47055 Gärtner- 83
- Herta 47055 Gärtner- 63
- Johanna 47055 Gärtner- 63
- Jutta 47055 Schmiede- 1
- Lothar 47055 Gärtner- 63
Zitzmann Bernhard
47137 Emscher- 27
- Claudia 47053 Wanheimer- 106
- Gerhard 47057 Kammer- 139
- Heidemarie 47137 Metzer- 30
- Helga 47228 Peschmann- 16
- Werner
47167 Am Kreyenbergshof 103
Zivanovic Ferdo 47169 Feld- 62
- Jadranka 47055 Birken- 2
- Ljubisav 47055 Birken- 2
- Mira 47169 Feld- 62
- Vladisav 47055 Birken- 2
Zivert Anatoliy
47249 Heiligenbaum- 79
- Galina 47249 Heiligenbaum- 79
- Valentina 47249 Heiligenbaum- 79
- Vitaliy 47249 Heiligenbaum- 79
Zivic Bojan 47059 Klemens- 6
- Ljiljana 47059 Klemens- 6
- Slobodan 47059 Klemens- 6
Zivkovic Ante 47169 Dahl- 92
- Beri 47059 Schwerin- 8
- Bojana 47226 Karola- 3
- Jelena 47169 Dahl- 92
- Marica 47169 Dahl- 92
- Milorad 47226 Karola- 3
- Zlatko 47169 Dahl- 92
Zivny Elke 47057 Kortum- 76
- Franz
47249 Großenbaumer Allee 299
- Friedhelm 47198 Hafen- 26
- Helene 47057 Klöckner- 209
- Maria
47249 Großenbaumer Allee 299
- Thomas 47057 Kolonie- 189
Ziwitza Gabriele 47053 Johanniter- 96
- Jörg 47239 Stettiner- 21
- Krista 47239 Stettiner- 21
- Reinhard 47239 Stettiner- 21
- Sandra 47239 Stettiner- 21
- Stephan 47226 Händel- 15
Ziwkovic Anto 47179 Büsacker- 34
- Marlies 47179 Büsacker- 34
- Michael 47179 Büsacker- 34
Zix Heidi 47179 Schloß- 8
- Peter 47179 Schloß- 8
Ziylan Agop
47167 Kaiser-Friedrich- 31a
- Arif 47169 Wolf- 27
- Hasan 47169 Wolf- 27
- Hatice 47166 Adolf-Engler- 5
- Jület 47169 Franz-Julius- 2
- Lusin 47169 Kaiser-Friedrich- 31a
- Osman 47166 Adolf-Engler- 5
- Sabine 47169 Franz-Julius- 2
- Sevilay 47169 Wolf- 27
- Sevim 47169 Wolf- 27
- Sürpik 47137 Dr.-Lengeling- 14
Zizikowsky Claudia
47167 Am Tellmannshof 2
- Rüdiger 47167 Am Tellmannshof 5
Zizovic Anke 47051 Lippe- 18
Zlatic Ana 47053 Bleich- 3
- Ivan 47053 Bleich- 3
- Marion 47053 Bleich- 3
- Stanislav 47053 Bleich- 19
Zlatinov Kader 47119 Schifferheim- 7
- Plamen 47119 Schifferheim- 7
Zlatojevic Jovan 47053 Johanniter- 30
- Maria 47053 Johanniter- 30
Zlatringer Roberto 47178 Theodor- 1
- Vanina 47178 Theodor- 1
Zlotnicki Andreas 47057 Graben- 19
Zlotnik Agate 47138 Berliner- 30
- Alexander 47138 Berliner- 30	Einwohner
● Namen-Teil
A-DU	Firmen, Gewerbebetriebe usw. nach Namen – siehe gelber Teil
